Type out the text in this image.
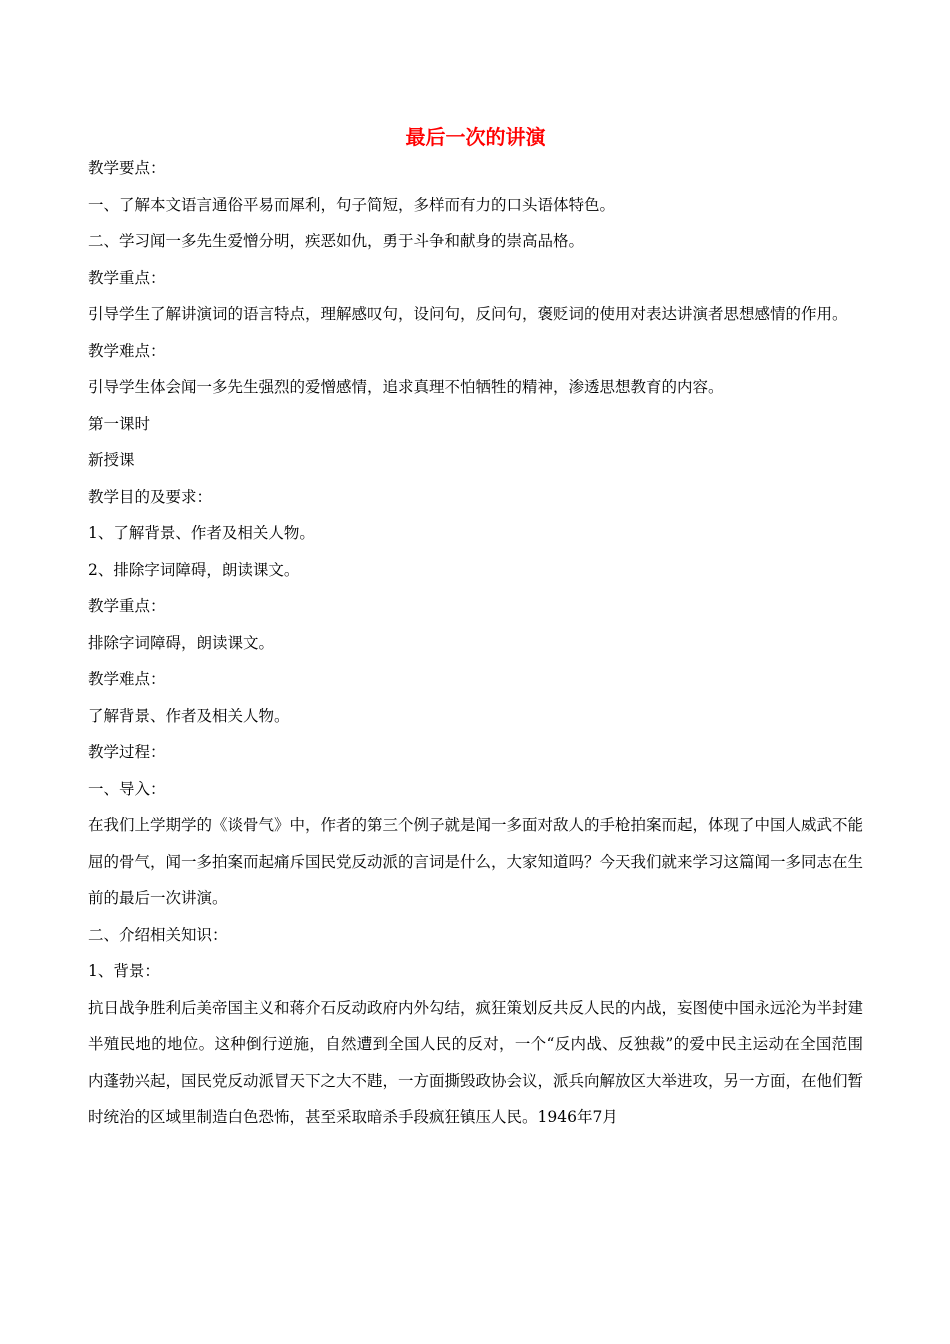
最后一次的讲演

教学要点：

一、了解本文语言通俗平易而犀利，句子简短，多样而有力的口头语体特色。

二、学习闻一多先生爱憎分明，疾恶如仇，勇于斗争和献身的崇高品格。

教学重点：

引导学生了解讲演词的语言特点，理解感叹句，设问句，反问句，褒贬词的使用对表达讲演者思想感情的作用。

教学难点：

引导学生体会闻一多先生强烈的爱憎感情，追求真理不怕牺牲的精神，渗透思想教育的内容。

第一课时

新授课

教学目的及要求：

1、了解背景、作者及相关人物。

2、排除字词障碍，朗读课文。

教学重点：

排除字词障碍，朗读课文。

教学难点：

了解背景、作者及相关人物。

教学过程：

一、导入：

在我们上学期学的《谈骨气》中，作者的第三个例子就是闻一多面对敌人的手枪拍案而起，体现了中国人威武不能屈的骨气，闻一多拍案而起痛斥国民党反动派的言词是什么，大家知道吗？今天我们就来学习这篇闻一多同志在生前的最后一次讲演。

二、介绍相关知识：

1、背景：

抗日战争胜利后美帝国主义和蒋介石反动政府内外勾结，疯狂策划反共反人民的内战，妄图使中国永远沦为半封建半殖民地的地位。这种倒行逆施，自然遭到全国人民的反对，一个“反内战、反独裁”的爱中民主运动在全国范围内蓬勃兴起，国民党反动派冒天下之大不韪，一方面撕毁政协会议，派兵向解放区大举进攻，另一方面，在他们暂时统治的区域里制造白色恐怖，甚至采取暗杀手段疯狂镇压人民。1946年7月
